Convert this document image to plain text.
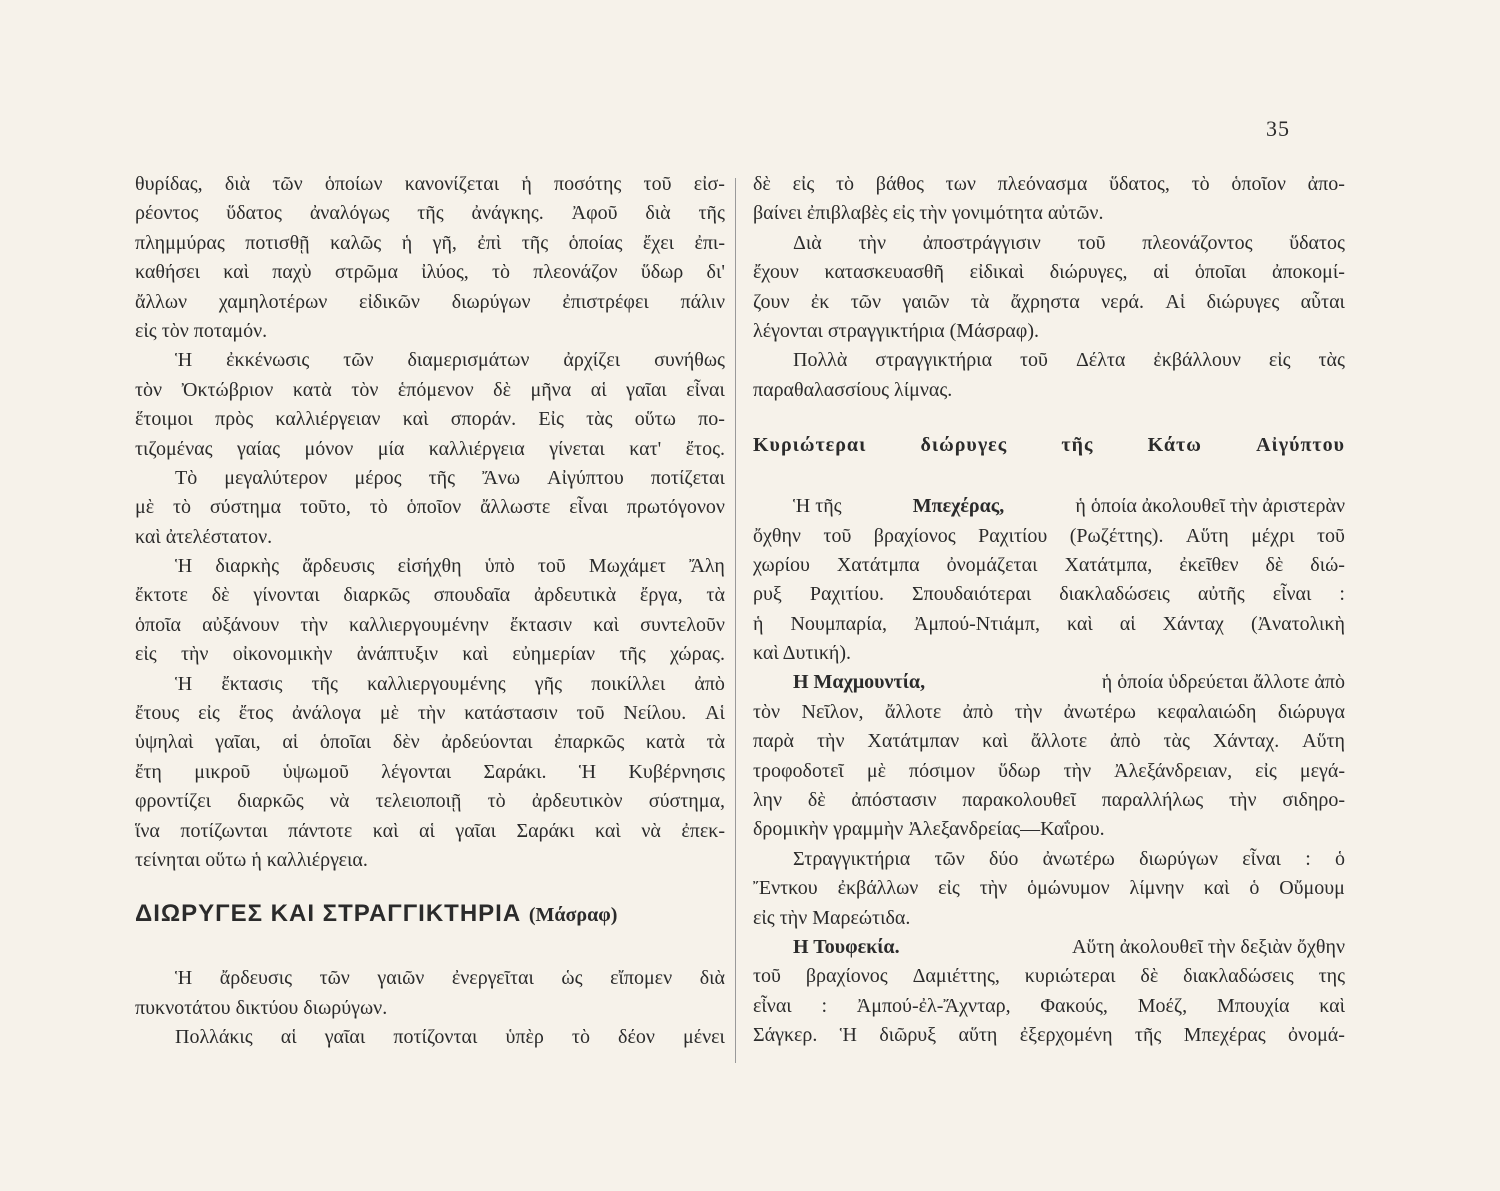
35
θυρίδας, διὰ τῶν ὁποίων κανονίζεται ἡ ποσότης τοῦ εἰσ-
ρέοντος ὕδατος ἀναλόγως τῆς ἀνάγκης. Ἀφοῦ διὰ τῆς
πλημμύρας ποτισθῇ καλῶς ἡ γῆ, ἐπὶ τῆς ὁποίας ἔχει ἐπι-
καθήσει καὶ παχὺ στρῶμα ἰλύος, τὸ πλεονάζον ὕδωρ δι'
ἄλλων χαμηλοτέρων εἰδικῶν διωρύγων ἐπιστρέφει πάλιν
εἰς τὸν ποταμόν.
Ἡ ἐκκένωσις τῶν διαμερισμάτων ἀρχίζει συνήθως
τὸν Ὀκτώβριον κατὰ τὸν ἑπόμενον δὲ μῆνα αἱ γαῖαι εἶναι
ἕτοιμοι πρὸς καλλιέργειαν καὶ σποράν. Εἰς τὰς οὕτω πο-
τιζομένας γαίας μόνον μία καλλιέργεια γίνεται κατ' ἔτος.
Τὸ μεγαλύτερον μέρος τῆς Ἄνω Αἰγύπτου ποτίζεται
μὲ τὸ σύστημα τοῦτο, τὸ ὁποῖον ἄλλωστε εἶναι πρωτόγονον
καὶ ἀτελέστατον.
Ἡ διαρκὴς ἄρδευσις εἰσήχθη ὑπὸ τοῦ Μωχάμετ Ἄλη
ἔκτοτε δὲ γίνονται διαρκῶς σπουδαῖα ἀρδευτικὰ ἔργα, τὰ
ὁποῖα αὐξάνουν τὴν καλλιεργουμένην ἔκτασιν καὶ συντελοῦν
εἰς τὴν οἰκονομικὴν ἀνάπτυξιν καὶ εὐημερίαν τῆς χώρας.
Ἡ ἔκτασις τῆς καλλιεργουμένης γῆς ποικίλλει ἀπὸ
ἔτους εἰς ἔτος ἀνάλογα μὲ τὴν κατάστασιν τοῦ Νείλου. Αἱ
ὑψηλαὶ γαῖαι, αἱ ὁποῖαι δὲν ἀρδεύονται ἐπαρκῶς κατὰ τὰ
ἔτη μικροῦ ὑψωμοῦ λέγονται Σαράκι. Ἡ Κυβέρνησις
φροντίζει διαρκῶς νὰ τελειοποιῇ τὸ ἀρδευτικὸν σύστημα,
ἵνα ποτίζωνται πάντοτε καὶ αἱ γαῖαι Σαράκι καὶ νὰ ἐπεκ-
τείνηται οὕτω ἡ καλλιέργεια.
ΔΙΩΡΥΓΕΣ ΚΑΙ ΣΤΡΑΓΓΙΚΤΗΡΙΑ (Μάσραφ)
Ἡ ἄρδευσις τῶν γαιῶν ἐνεργεῖται ὡς εἴπομεν διὰ
πυκνοτάτου δικτύου διωρύγων.
Πολλάκις αἱ γαῖαι ποτίζονται ὑπὲρ τὸ δέον μένει
δὲ εἰς τὸ βάθος των πλεόνασμα ὕδατος, τὸ ὁποῖον ἀπο-
βαίνει ἐπιβλαβὲς εἰς τὴν γονιμότητα αὐτῶν.
Διὰ τὴν ἀποστράγγισιν τοῦ πλεονάζοντος ὕδατος
ἔχουν κατασκευασθῆ εἰδικαὶ διώρυγες, αἱ ὁποῖαι ἀποκομί-
ζουν ἐκ τῶν γαιῶν τὰ ἄχρηστα νερά. Αἱ διώρυγες αὗται
λέγονται στραγγικτήρια (Μάσραφ).
Πολλὰ στραγγικτήρια τοῦ Δέλτα ἐκβάλλουν εἰς τὰς
παραθαλασσίους λίμνας.
Κυριώτεραι	διώρυγες	τῆς	Κάτω	Αἰγύπτου
Ἡ τῆς	Μπεχέρας,	ἡ ὁποία ἀκολουθεῖ τὴν ἀριστερὰν
ὄχθην τοῦ βραχίονος Ραχιτίου (Ρωζέττης). Αὕτη μέχρι τοῦ
χωρίου Χατάτμπα ὀνομάζεται Χατάτμπα, ἐκεῖθεν δὲ διώ-
ρυξ Ραχιτίου. Σπουδαιότεραι διακλαδώσεις αὐτῆς εἶναι :
ἡ Νουμπαρία, Ἀμπού-Ντιάμπ, καὶ αἱ Χάνταχ (Ἀνατολικὴ
καὶ Δυτική).
Η Μαχμουντία,	ἡ ὁποία ὑδρεύεται ἄλλοτε ἀπὸ
τὸν Νεῖλον, ἄλλοτε ἀπὸ τὴν ἀνωτέρω κεφαλαιώδη διώρυγα
παρὰ τὴν Χατάτμπαν καὶ ἄλλοτε ἀπὸ τὰς Χάνταχ. Αὕτη
τροφοδοτεῖ μὲ πόσιμον ὕδωρ τὴν Ἀλεξάνδρειαν, εἰς μεγά-
λην δὲ ἀπόστασιν παρακολουθεῖ παραλλήλως τὴν σιδηρο-
δρομικὴν γραμμὴν Ἀλεξανδρείας—Καΐρου.
Στραγγικτήρια τῶν δύο ἀνωτέρω διωρύγων εἶναι : ὁ
Ἔντκου ἐκβάλλων εἰς τὴν ὁμώνυμον λίμνην καὶ ὁ Οὔμουμ
εἰς τὴν Μαρεώτιδα.
Η Τουφεκία.	Αὕτη ἀκολουθεῖ τὴν δεξιὰν ὄχθην
τοῦ βραχίονος Δαμιέττης, κυριώτεραι δὲ διακλαδώσεις της
εἶναι : Ἀμπού-ἐλ-Ἄχνταρ, Φακούς, Μοέζ, Μπουχία καὶ
Σάγκερ. Ἡ διῶρυξ αὕτη ἐξερχομένη τῆς Μπεχέρας ὀνομά-
